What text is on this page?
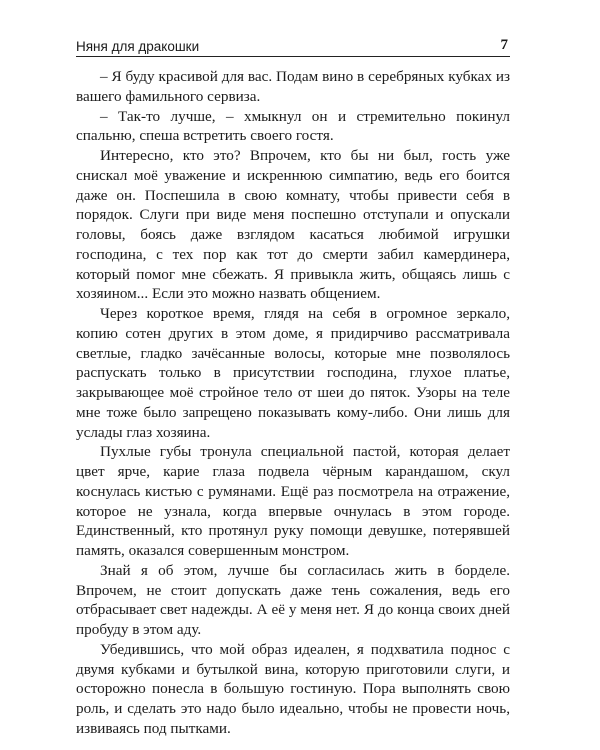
Няня для дракошки	7

– Я буду красивой для вас. Подам вино в серебряных кубках из вашего фамильного сервиза.

– Так-то лучше, – хмыкнул он и стремительно покинул спальню, спеша встретить своего гостя.

Интересно, кто это? Впрочем, кто бы ни был, гость уже снискал моё уважение и искреннюю симпатию, ведь его боится даже он. Поспешила в свою комнату, чтобы привести себя в порядок. Слуги при виде меня поспешно отступали и опускали головы, боясь даже взглядом касаться любимой игрушки господина, с тех пор как тот до смерти забил камердинера, который помог мне сбежать. Я привыкла жить, общаясь лишь с хозяином... Если это можно назвать общением.

Через короткое время, глядя на себя в огромное зеркало, копию сотен других в этом доме, я придирчиво рассматривала светлые, гладко зачёсанные волосы, которые мне позволялось распускать только в присутствии господина, глухое платье, закрывающее моё стройное тело от шеи до пяток. Узоры на теле мне тоже было запрещено показывать кому-либо. Они лишь для услады глаз хозяина.

Пухлые губы тронула специальной пастой, которая делает цвет ярче, карие глаза подвела чёрным карандашом, скул коснулась кистью с румянами. Ещё раз посмотрела на отражение, которое не узнала, когда впервые очнулась в этом городе. Единственный, кто протянул руку помощи девушке, потерявшей память, оказался совершенным монстром.

Знай я об этом, лучше бы согласилась жить в борделе. Впрочем, не стоит допускать даже тень сожаления, ведь его отбрасывает свет надежды. А её у меня нет. Я до конца своих дней пробуду в этом аду.

Убедившись, что мой образ идеален, я подхватила поднос с двумя кубками и бутылкой вина, которую приготовили слуги, и осторожно понесла в большую гостиную. Пора выполнять свою роль, и сделать это надо было идеально, чтобы не провести ночь, извиваясь под пытками.
